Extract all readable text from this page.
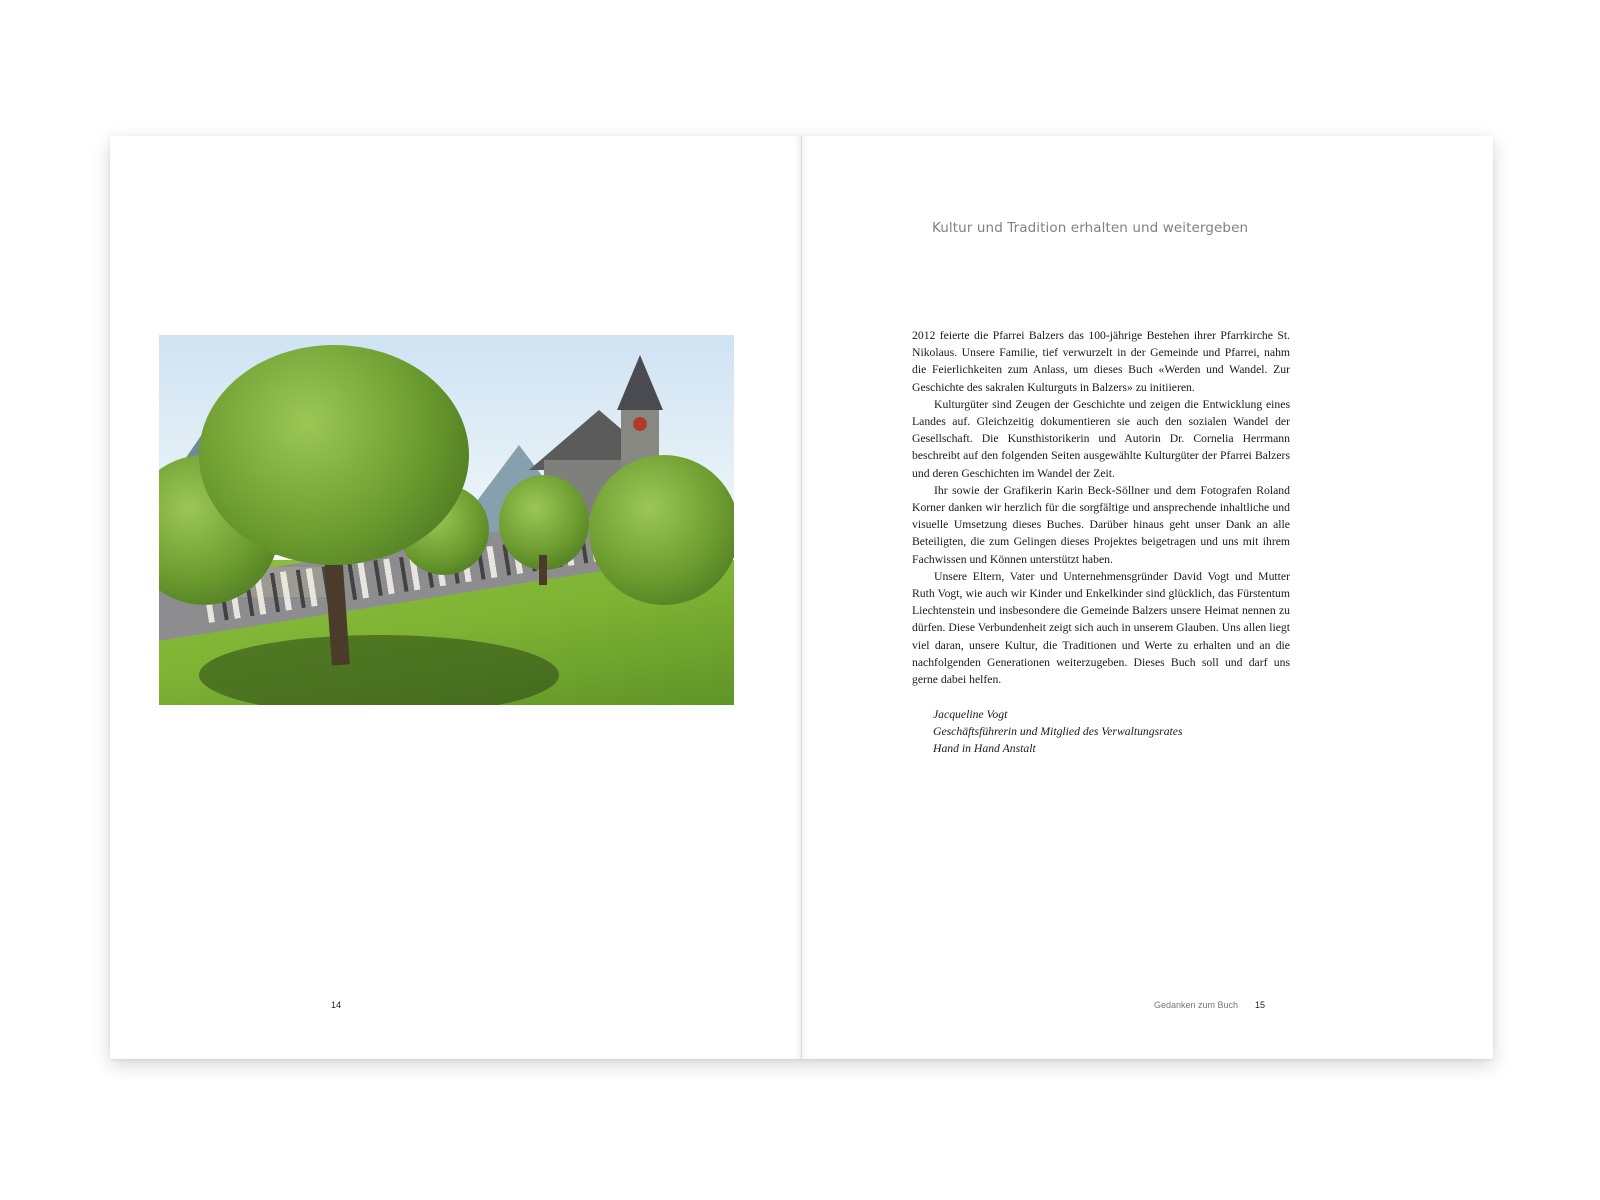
14
Kultur und Tradition erhalten und weitergeben

2012 feierte die Pfarrei Balzers das 100-jährige Bestehen ihrer Pfarrkirche St. Nikolaus. Unsere Familie, tief verwurzelt in der Gemeinde und Pfarrei, nahm die Feierlichkeiten zum Anlass, um dieses Buch «Werden und Wandel. Zur Geschichte des sakralen Kulturguts in Balzers» zu initiieren.

Kulturgüter sind Zeugen der Geschichte und zeigen die Entwicklung eines Landes auf. Gleichzeitig dokumentieren sie auch den sozialen Wandel der Gesellschaft. Die Kunsthistorikerin und Autorin Dr. Cornelia Herrmann beschreibt auf den folgenden Seiten ausgewählte Kulturgüter der Pfarrei Balzers und deren Geschichten im Wandel der Zeit.

Ihr sowie der Grafikerin Karin Beck-Söllner und dem Fotografen Roland Korner danken wir herzlich für die sorgfältige und ansprechende inhaltliche und visuelle Umsetzung dieses Buches. Darüber hinaus geht unser Dank an alle Beteiligten, die zum Gelingen dieses Projektes beigetragen und uns mit ihrem Fachwissen und Können unterstützt haben.

Unsere Eltern, Vater und Unternehmensgründer David Vogt und Mutter Ruth Vogt, wie auch wir Kinder und Enkelkinder sind glücklich, das Fürstentum Liechtenstein und insbesondere die Gemeinde Balzers unsere Heimat nennen zu dürfen. Diese Verbundenheit zeigt sich auch in unserem Glauben. Uns allen liegt viel daran, unsere Kultur, die Traditionen und Werte zu erhalten und an die nachfolgenden Generationen weiterzugeben. Dieses Buch soll und darf uns gerne dabei helfen.

Jacqueline Vogt
Geschäftsführerin und Mitglied des Verwaltungsrates
Hand in Hand Anstalt
Gedanken zum Buch 15
